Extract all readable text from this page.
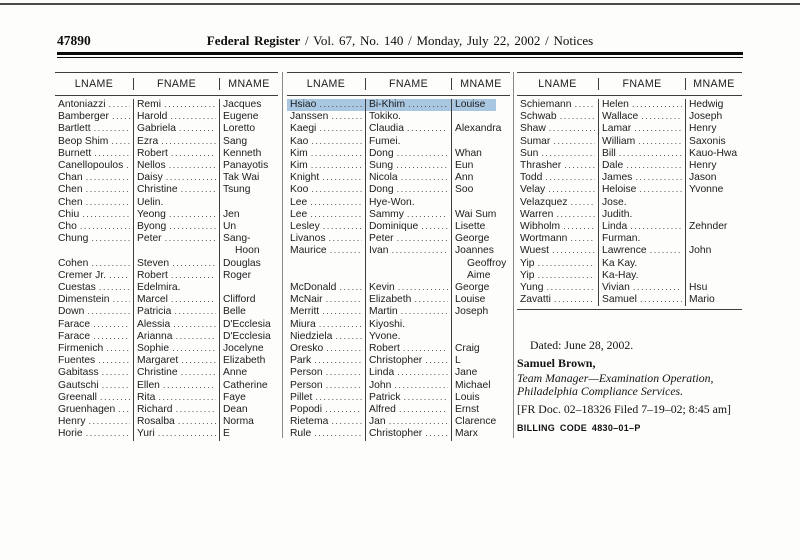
47890	Federal Register / Vol. 67, No. 140 / Monday, July 22, 2002 / Notices
LNAME	FNAME	MNAME
Antoniazzi .....	Remi .....	Jacques
Bamberger .....	Harold .....	Eugene
Bartlett .....	Gabriela .....	Loretto
Beop Shim .....	Ezra .....	Sang
Burnett .....	Robert .....	Kenneth
Canellopoulos ..... Nellos .....	Panayotis
Chan .....	Daisy .....	Tak Wai
Chen .....	Christine .....	Tsung
Chen .....	Uelin.
Chiu .....	Yeong .....	Jen
Cho .....	Byong .....	Un
Chung .....	Peter .....	Sang-
Hoon
Cohen .....	Steven .....	Douglas
Cremer Jr. .....	Robert .....	Roger
Cuestas .....	Edelmira.
Dimenstein .....	Marcel .....	Clifford
Down .....	Patricia .....	Belle
Farace .....	Alessia .....	D'Ecclesia
Farace .....	Arianna .....	D'Ecclesia
Firmenich .....	Sophie .....	Jocelyne
Fuentes .....	Margaret .....	Elizabeth
Gabitass .....	Christine .....	Anne
Gautschi .....	Ellen .....	Catherine
Greenall .....	Rita .....	Faye
Gruenhagen ..... Richard .....	Dean
Henry .....	Rosalba .....	Norma
Horie .....	Yuri .....	E
LNAME	FNAME	MNAME
Hsiao .....	Bi-Khim .....	Louise
Janssen .....	Tokiko.
Kaegi .....	Claudia .....	Alexandra
Kao .....	Fumei.
Kim .....	Dong .....	Whan
Kim .....	Sung .....	Eun
Knight .....	Nicola .....	Ann
Koo .....	Dong .....	Soo
Lee .....	Hye-Won.
Lee .....	Sammy .....	Wai Sum
Lesley .....	Dominique .....	Lisette
Livanos .....	Peter .....	George
Maurice .....	Ivan .....	Joannes
Geoffroy
Aime
McDonald .....	Kevin .....	George
McNair .....	Elizabeth .....	Louise
Merritt .....	Martin .....	Joseph
Miura .....	Kiyoshi.
Niedziela .....	Yvone.
Oresko .....	Robert .....	Craig
Park .....	Christopher .....	L
Person .....	Linda .....	Jane
Person .....	John .....	Michael
Pillet .....	Patrick .....	Louis
Popodi .....	Alfred .....	Ernst
Rietema .....	Jan .....	Clarence
Rule .....	Christopher .....	Marx
LNAME	FNAME	MNAME
Schiemann .....	Helen .....	Hedwig
Schwab .....	Wallace .....	Joseph
Shaw .....	Lamar .....	Henry
Sumar .....	William .....	Saxonis
Sun .....	Bill .....	Kauo-Hwa
Thrasher .....	Dale .....	Henry
Todd .....	James .....	Jason
Velay .....	Heloise .....	Yvonne
Velazquez .....	Jose.
Warren .....	Judith.
Wibholm .....	Linda .....	Zehnder
Wortmann .....	Furman.
Wuest .....	Lawrence .....	John
Yip .....	Ka Kay.
Yip .....	Ka-Hay.
Yung .....	Vivian .....	Hsu
Zavatti .....	Samuel .....	Mario
Dated: June 28, 2002.
Samuel Brown,
Team Manager—Examination Operation,
Philadelphia Compliance Services.
[FR Doc. 02–18326 Filed 7–19–02; 8:45 am]
BILLING CODE 4830–01–P
